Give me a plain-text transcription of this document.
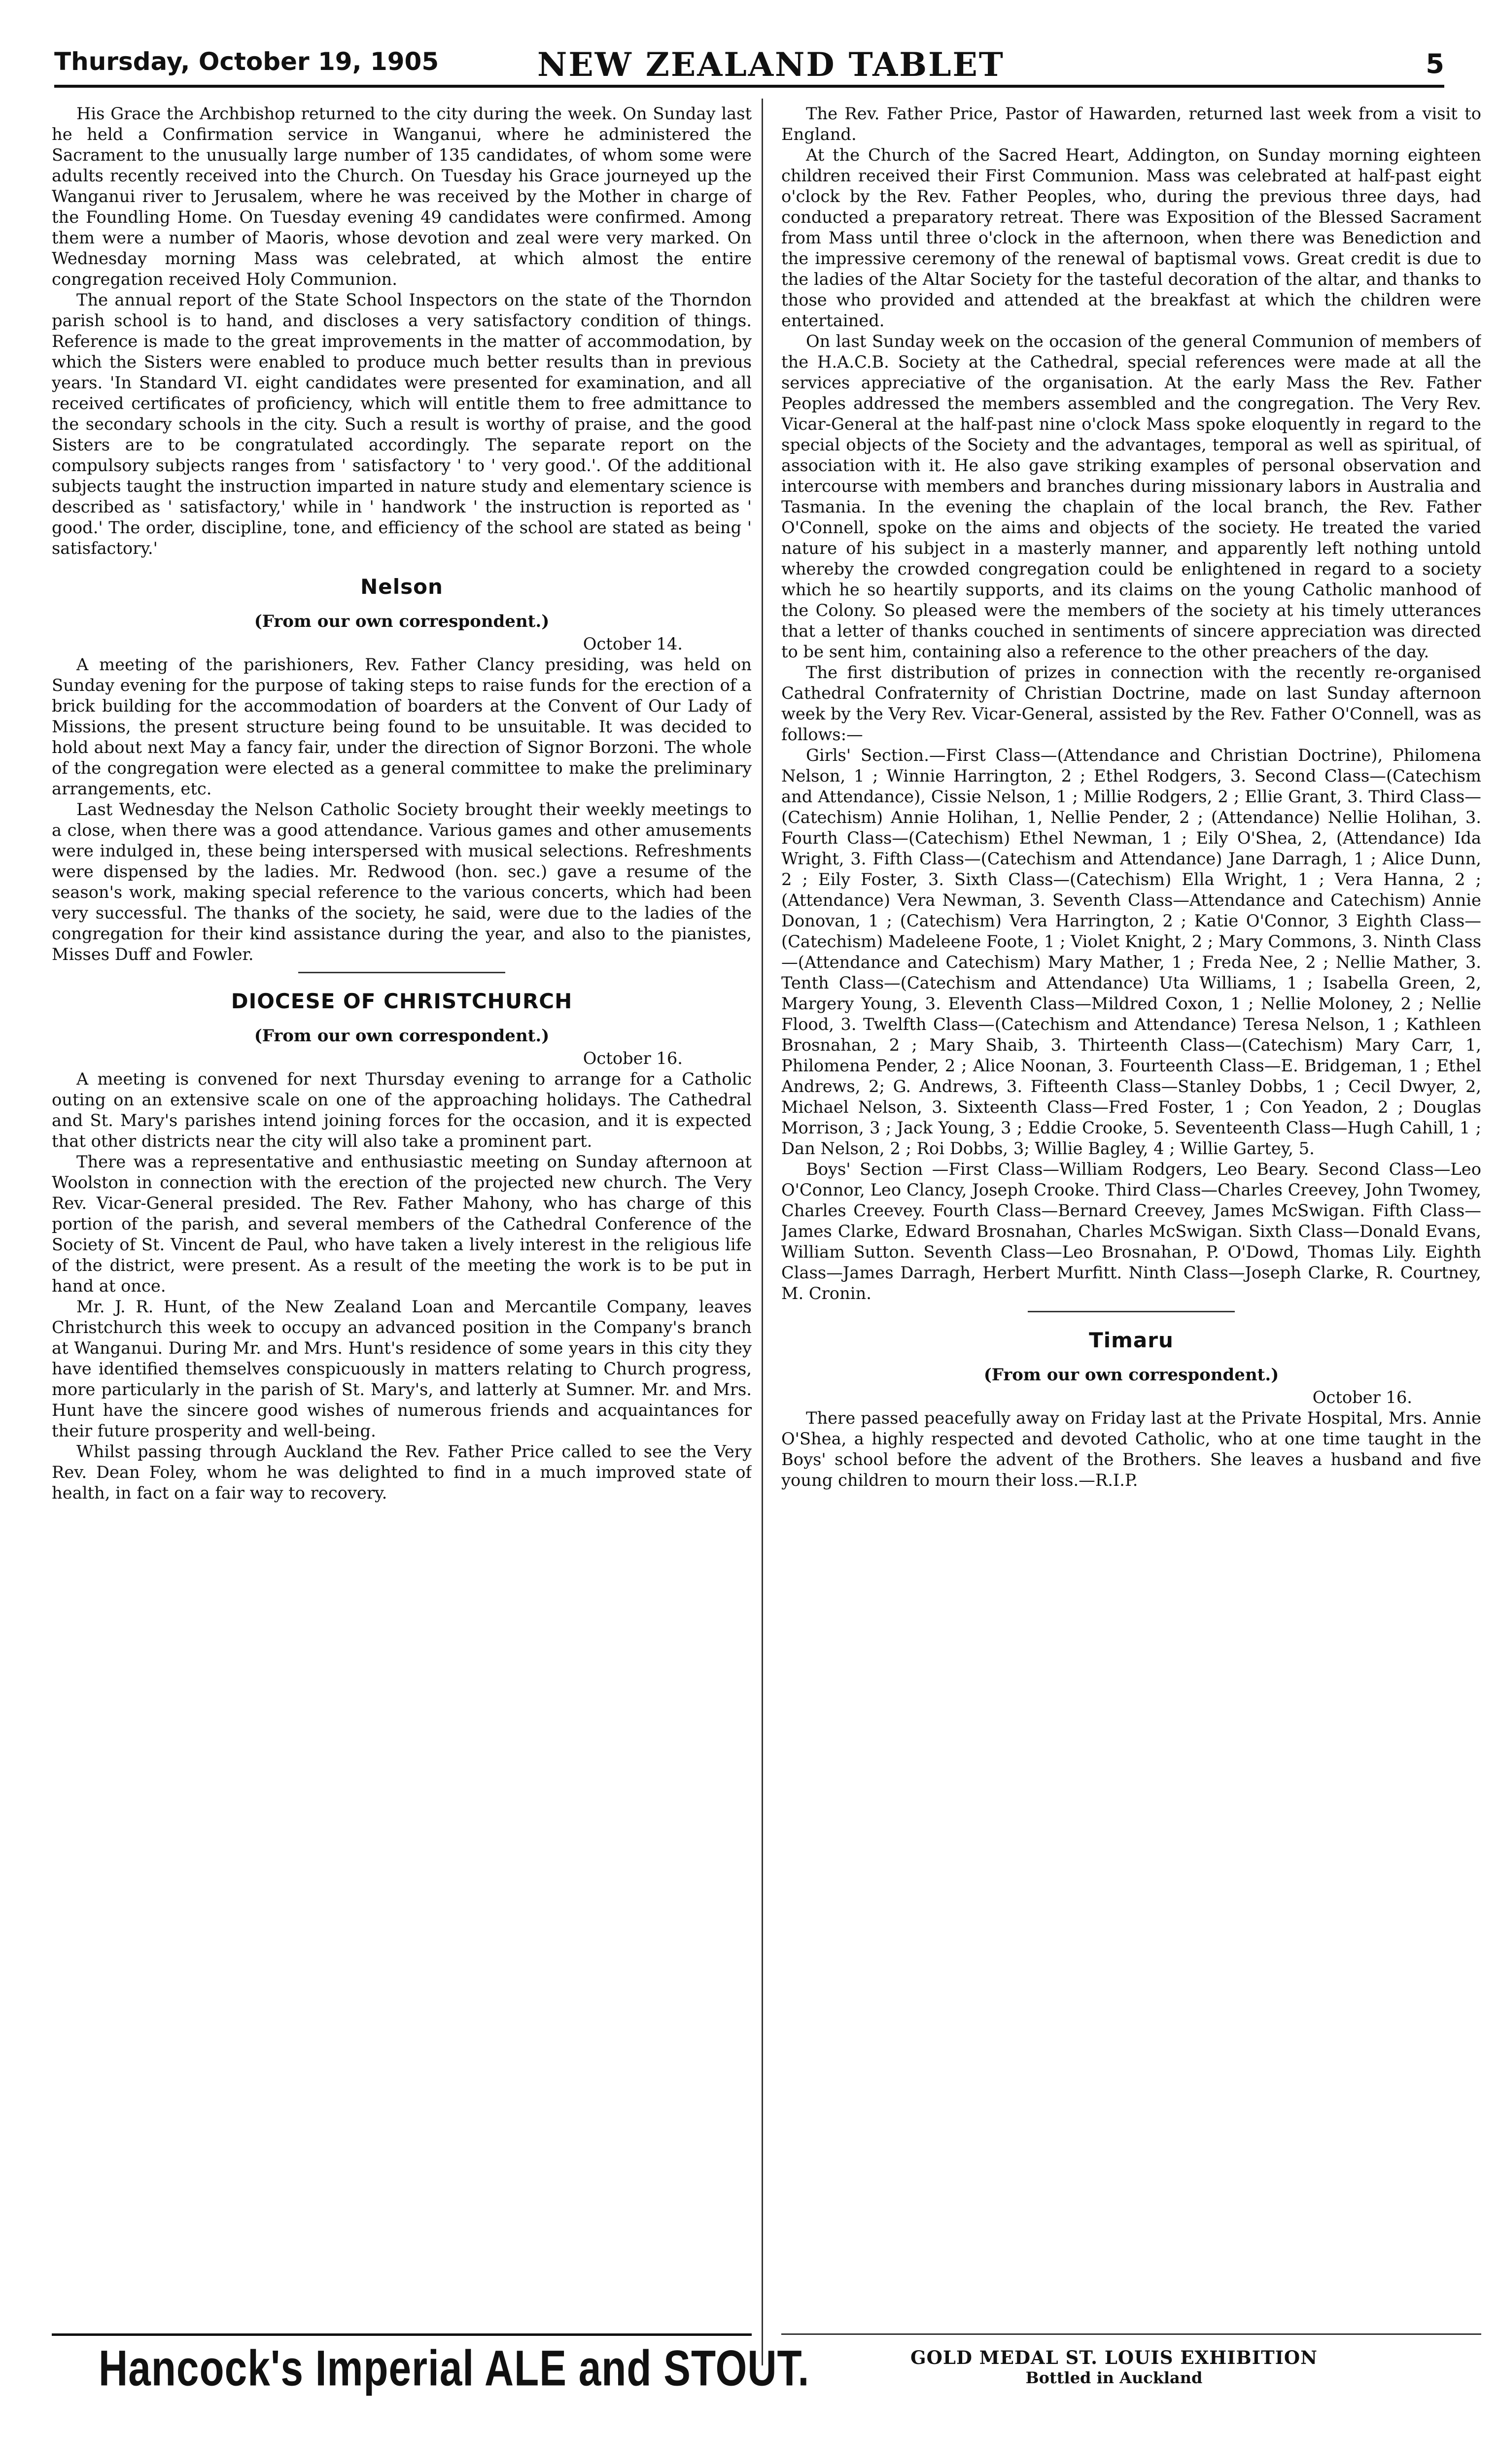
Thursday, October 19, 1905	NEW ZEALAND TABLET	5

His Grace the Archbishop returned to the city during the week. On Sunday last he held a Confirmation service in Wanganui, where he administered the Sacrament to the unusually large number of 135 candidates, of whom some were adults recently received into the Church. On Tuesday his Grace journeyed up the Wanganui river to Jerusalem, where he was received by the Mother in charge of the Foundling Home. On Tuesday evening 49 candidates were confirmed. Among them were a number of Maoris, whose devotion and zeal were very marked. On Wednesday morning Mass was celebrated, at which almost the entire congregation received Holy Communion.

The annual report of the State School Inspectors on the state of the Thorndon parish school is to hand, and discloses a very satisfactory condition of things. Reference is made to the great improvements in the matter of accommodation, by which the Sisters were enabled to produce much better results than in previous years. 'In Standard VI. eight candidates were presented for examination, and all received certificates of proficiency, which will entitle them to free admittance to the secondary schools in the city. Such a result is worthy of praise, and the good Sisters are to be congratulated accordingly. The separate report on the compulsory subjects ranges from ' satisfactory ' to ' very good.'. Of the additional subjects taught the instruction imparted in nature study and elementary science is described as ' satisfactory,' while in ' handwork ' the instruction is reported as ' good.' The order, discipline, tone, and efficiency of the school are stated as being ' satisfactory.'

Nelson
(From our own correspondent.)

October 14.

A meeting of the parishioners, Rev. Father Clancy presiding, was held on Sunday evening for the purpose of taking steps to raise funds for the erection of a brick building for the accommodation of boarders at the Convent of Our Lady of Missions, the present structure being found to be unsuitable. It was decided to hold about next May a fancy fair, under the direction of Signor Borzoni. The whole of the congregation were elected as a general committee to make the preliminary arrangements, etc.

Last Wednesday the Nelson Catholic Society brought their weekly meetings to a close, when there was a good attendance. Various games and other amusements were indulged in, these being interspersed with musical selections. Refreshments were dispensed by the ladies. Mr. Redwood (hon. sec.) gave a resume of the season's work, making special reference to the various concerts, which had been very successful. The thanks of the society, he said, were due to the ladies of the congregation for their kind assistance during the year, and also to the pianistes, Misses Duff and Fowler.

DIOCESE OF CHRISTCHURCH
(From our own correspondent.)

October 16.

A meeting is convened for next Thursday evening to arrange for a Catholic outing on an extensive scale on one of the approaching holidays. The Cathedral and St. Mary's parishes intend joining forces for the occasion, and it is expected that other districts near the city will also take a prominent part.

There was a representative and enthusiastic meeting on Sunday afternoon at Woolston in connection with the erection of the projected new church. The Very Rev. Vicar-General presided. The Rev. Father Mahony, who has charge of this portion of the parish, and several members of the Cathedral Conference of the Society of St. Vincent de Paul, who have taken a lively interest in the religious life of the district, were present. As a result of the meeting the work is to be put in hand at once.

Mr. J. R. Hunt, of the New Zealand Loan and Mercantile Company, leaves Christchurch this week to occupy an advanced position in the Company's branch at Wanganui. During Mr. and Mrs. Hunt's residence of some years in this city they have identified themselves conspicuously in matters relating to Church progress, more particularly in the parish of St. Mary's, and latterly at Sumner. Mr. and Mrs. Hunt have the sincere good wishes of numerous friends and acquaintances for their future prosperity and well-being.

Whilst passing through Auckland the Rev. Father Price called to see the Very Rev. Dean Foley, whom he was delighted to find in a much improved state of health, in fact on a fair way to recovery.

The Rev. Father Price, Pastor of Hawarden, returned last week from a visit to England.

At the Church of the Sacred Heart, Addington, on Sunday morning eighteen children received their First Communion. Mass was celebrated at half-past eight o'clock by the Rev. Father Peoples, who, during the previous three days, had conducted a preparatory retreat. There was Exposition of the Blessed Sacrament from Mass until three o'clock in the afternoon, when there was Benediction and the impressive ceremony of the renewal of baptismal vows. Great credit is due to the ladies of the Altar Society for the tasteful decoration of the altar, and thanks to those who provided and attended at the breakfast at which the children were entertained.

On last Sunday week on the occasion of the general Communion of members of the H.A.C.B. Society at the Cathedral, special references were made at all the services appreciative of the organisation. At the early Mass the Rev. Father Peoples addressed the members assembled and the congregation. The Very Rev. Vicar-General at the half-past nine o'clock Mass spoke eloquently in regard to the special objects of the Society and the advantages, temporal as well as spiritual, of association with it. He also gave striking examples of personal observation and intercourse with members and branches during missionary labors in Australia and Tasmania. In the evening the chaplain of the local branch, the Rev. Father O'Connell, spoke on the aims and objects of the society. He treated the varied nature of his subject in a masterly manner, and apparently left nothing untold whereby the crowded congregation could be enlightened in regard to a society which he so heartily supports, and its claims on the young Catholic manhood of the Colony. So pleased were the members of the society at his timely utterances that a letter of thanks couched in sentiments of sincere appreciation was directed to be sent him, containing also a reference to the other preachers of the day.

The first distribution of prizes in connection with the recently re-organised Cathedral Confraternity of Christian Doctrine, made on last Sunday afternoon week by the Very Rev. Vicar-General, assisted by the Rev. Father O'Connell, was as follows:—

Girls' Section.—First Class—(Attendance and Christian Doctrine), Philomena Nelson, 1 ; Winnie Harrington, 2 ; Ethel Rodgers, 3. Second Class—(Catechism and Attendance), Cissie Nelson, 1 ; Millie Rodgers, 2 ; Ellie Grant, 3. Third Class—(Catechism) Annie Holihan, 1, Nellie Pender, 2 ; (Attendance) Nellie Holihan, 3. Fourth Class—(Catechism) Ethel Newman, 1 ; Eily O'Shea, 2, (Attendance) Ida Wright, 3. Fifth Class—(Catechism and Attendance) Jane Darragh, 1 ; Alice Dunn, 2 ; Eily Foster, 3. Sixth Class—(Catechism) Ella Wright, 1 ; Vera Hanna, 2 ; (Attendance) Vera Newman, 3. Seventh Class—Attendance and Catechism) Annie Donovan, 1 ; (Catechism) Vera Harrington, 2 ; Katie O'Connor, 3 Eighth Class—(Catechism) Madeleene Foote, 1 ; Violet Knight, 2 ; Mary Commons, 3. Ninth Class—(Attendance and Catechism) Mary Mather, 1 ; Freda Nee, 2 ; Nellie Mather, 3. Tenth Class—(Catechism and Attendance) Uta Williams, 1 ; Isabella Green, 2, Margery Young, 3. Eleventh Class—Mildred Coxon, 1 ; Nellie Moloney, 2 ; Nellie Flood, 3. Twelfth Class—(Catechism and Attendance) Teresa Nelson, 1 ; Kathleen Brosnahan, 2 ; Mary Shaib, 3. Thirteenth Class—(Catechism) Mary Carr, 1, Philomena Pender, 2 ; Alice Noonan, 3. Fourteenth Class—E. Bridgeman, 1 ; Ethel Andrews, 2; G. Andrews, 3. Fifteenth Class—Stanley Dobbs, 1 ; Cecil Dwyer, 2, Michael Nelson, 3. Sixteenth Class—Fred Foster, 1 ; Con Yeadon, 2 ; Douglas Morrison, 3 ; Jack Young, 3 ; Eddie Crooke, 5. Seventeenth Class—Hugh Cahill, 1 ; Dan Nelson, 2 ; Roi Dobbs, 3; Willie Bagley, 4 ; Willie Gartey, 5.

Boys' Section —First Class—William Rodgers, Leo Beary. Second Class—Leo O'Connor, Leo Clancy, Joseph Crooke. Third Class—Charles Creevey, John Twomey, Charles Creevey. Fourth Class—Bernard Creevey, James McSwigan. Fifth Class—James Clarke, Edward Brosnahan, Charles McSwigan. Sixth Class—Donald Evans, William Sutton. Seventh Class—Leo Brosnahan, P. O'Dowd, Thomas Lily. Eighth Class—James Darragh, Herbert Murfitt. Ninth Class—Joseph Clarke, R. Courtney, M. Cronin.

Timaru
(From our own correspondent.)

October 16.

There passed peacefully away on Friday last at the Private Hospital, Mrs. Annie O'Shea, a highly respected and devoted Catholic, who at one time taught in the Boys' school before the advent of the Brothers. She leaves a husband and five young children to mourn their loss.—R.I.P.

Hancock's Imperial ALE and STOUT.	GOLD MEDAL ST. LOUIS EXHIBITION
Bottled in Auckland
